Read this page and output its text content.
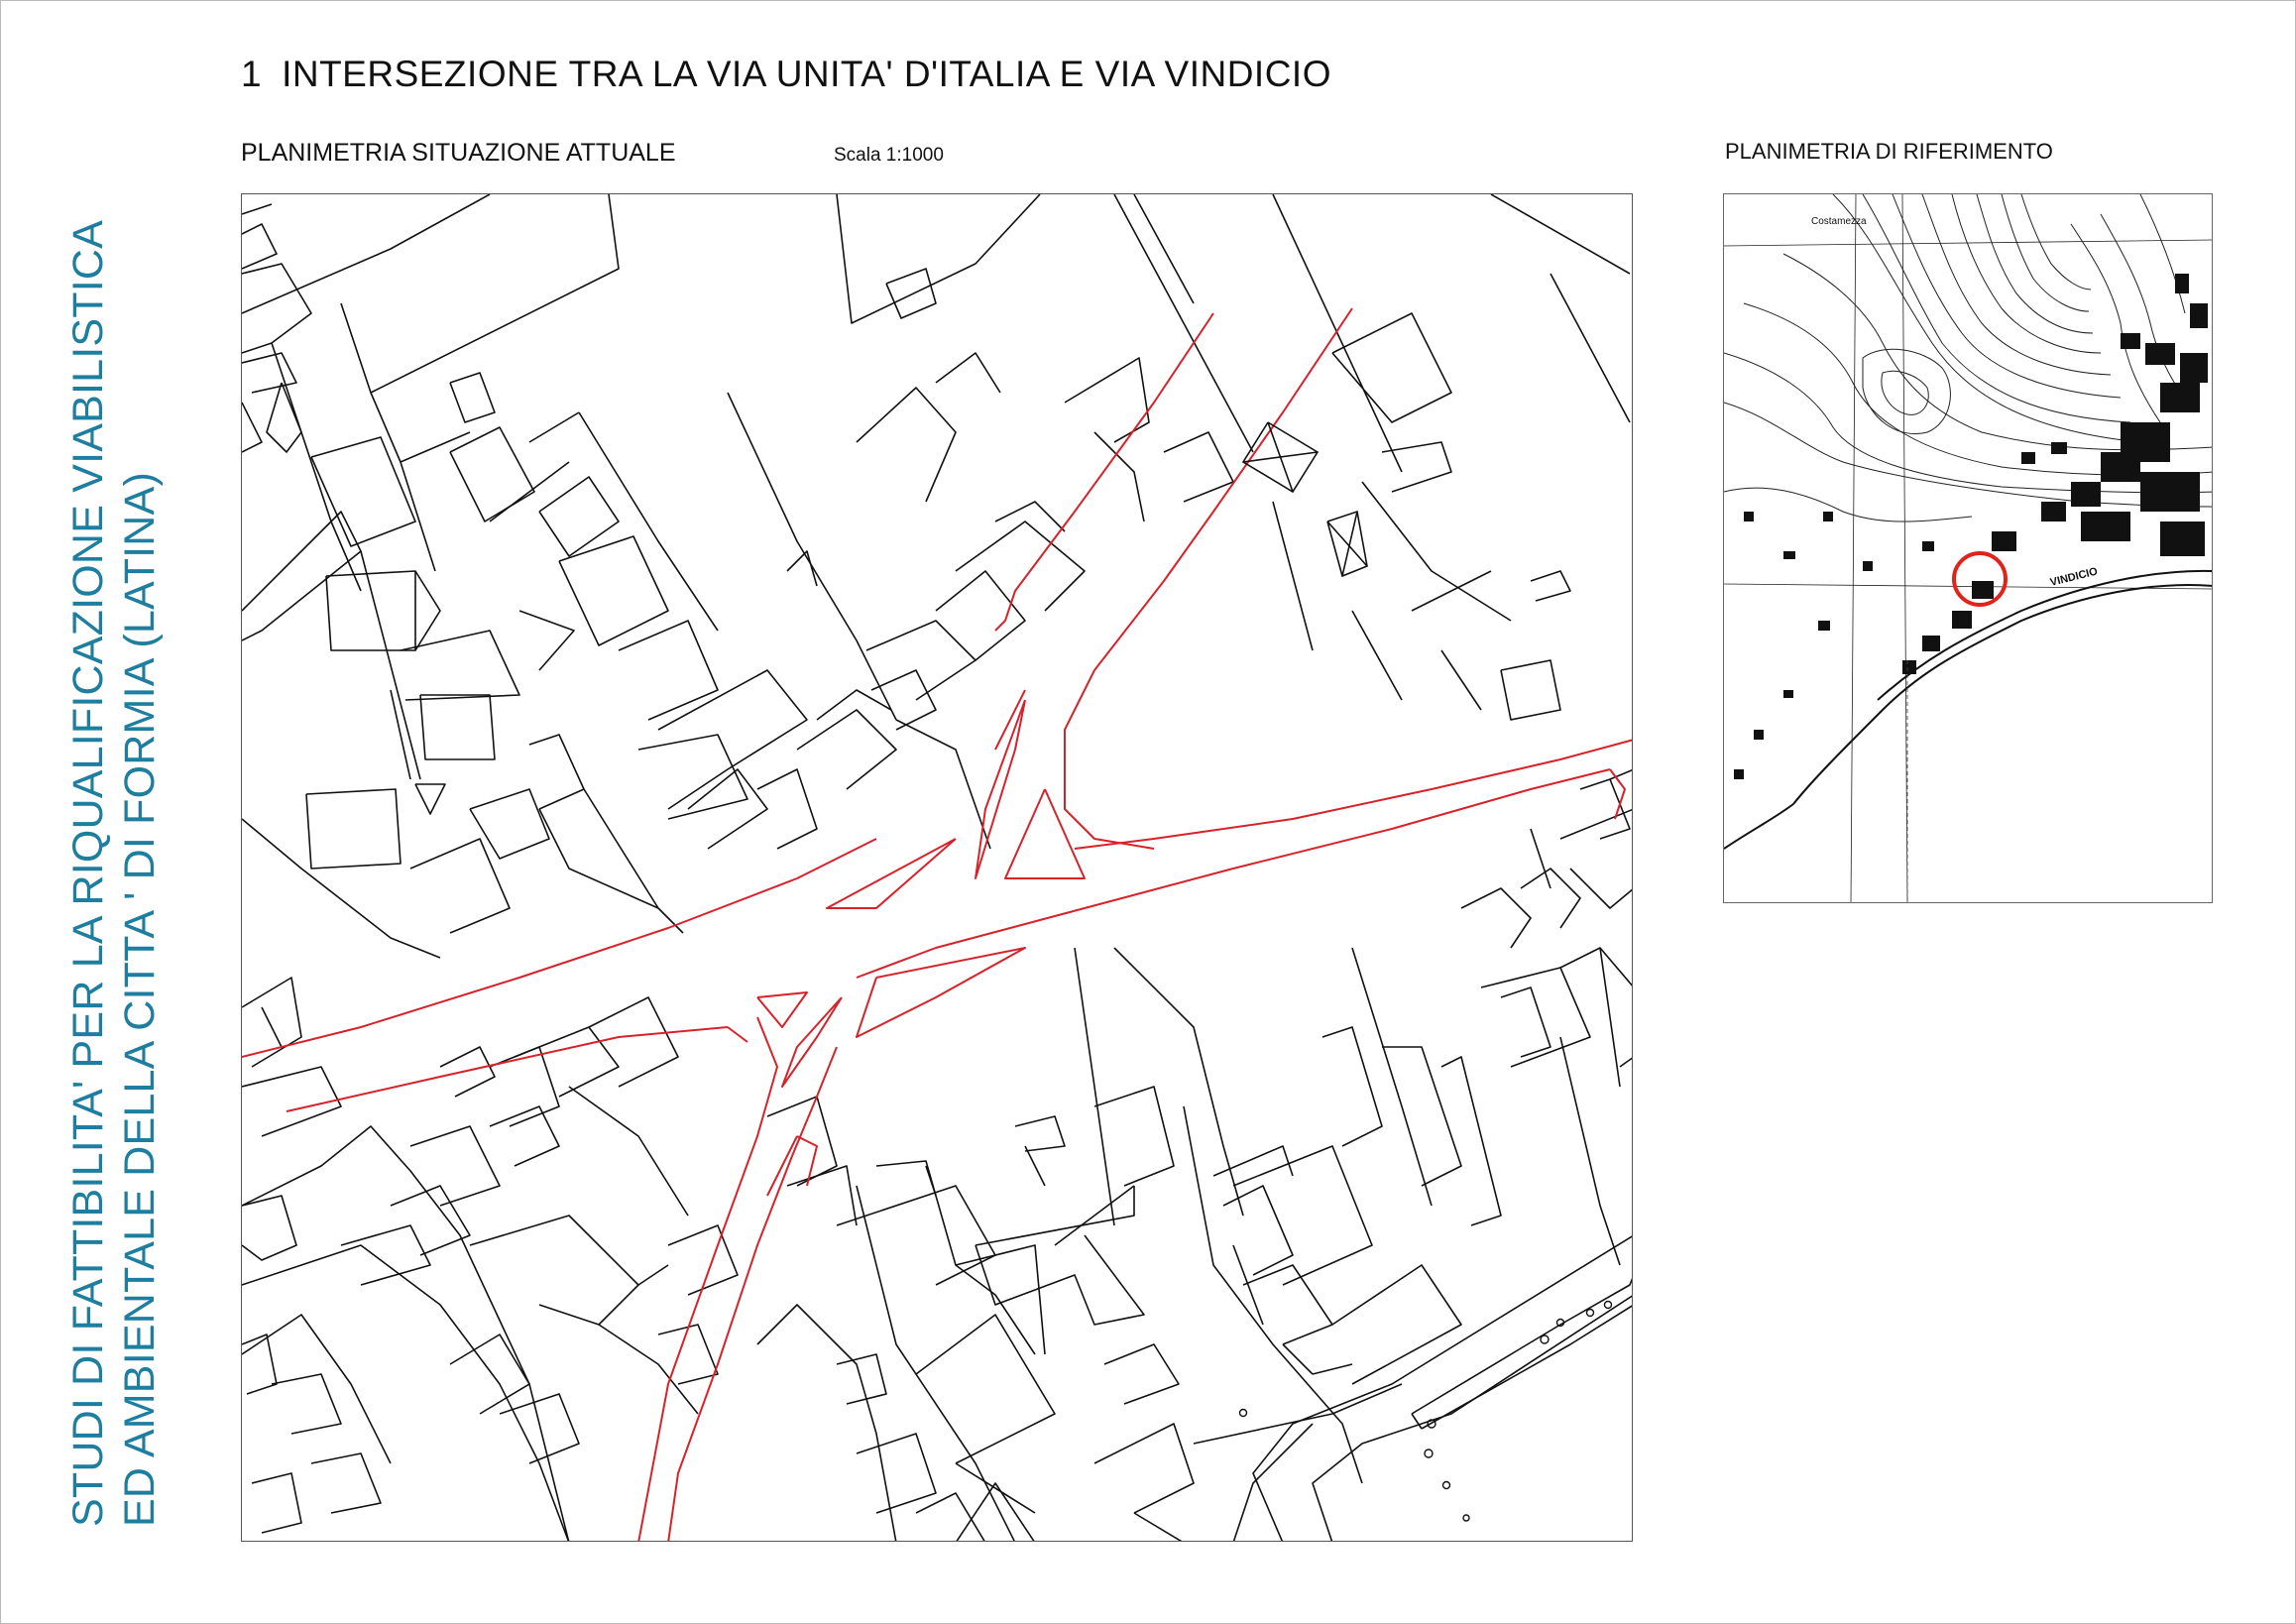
1 INTERSEZIONE TRA LA VIA UNITA' D'ITALIA E VIA VINDICIO
PLANIMETRIA SITUAZIONE ATTUALE	Scala 1:1000	PLANIMETRIA DI RIFERIMENTO
STUDI DI FATTIBILITA' PER LA RIQUALIFICAZIONE VIABILISTICA ED AMBIENTALE DELLA CITTA ' DI FORMIA (LATINA)
Costamezza
VINDICIO
